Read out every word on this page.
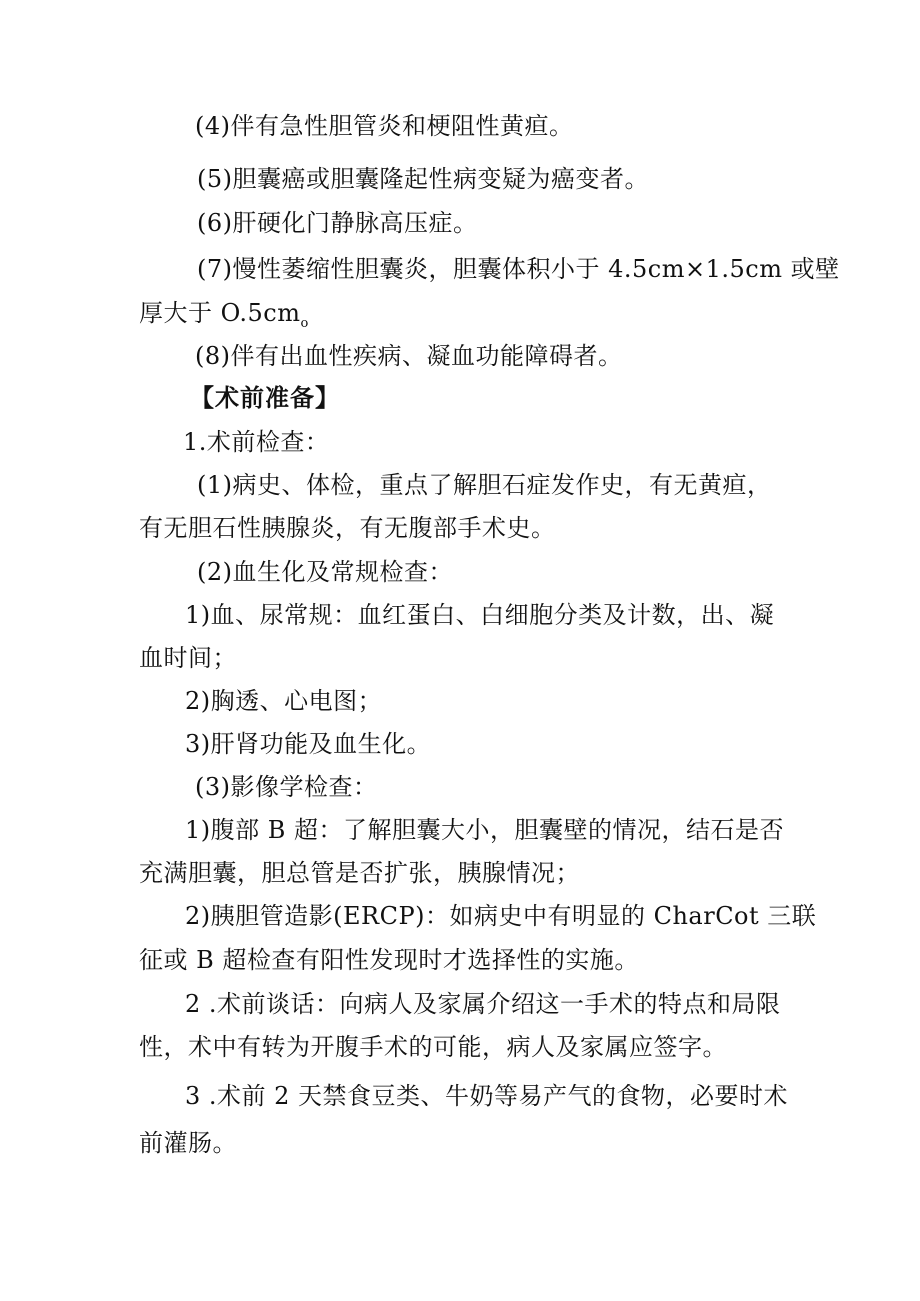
(4)伴有急性胆管炎和梗阻性黄疸。

(5)胆囊癌或胆囊隆起性病变疑为癌变者。

(6)肝硬化门静脉高压症。

(7)慢性萎缩性胆囊炎，胆囊体积小于 4.5cm×1.5cm 或壁

厚大于 $O.5cm_o$

(8)伴有出血性疾病、凝血功能障碍者。

【术前准备】

1.术前检查：

(1)病史、体检，重点了解胆石症发作史，有无黄疸，

有无胆石性胰腺炎，有无腹部手术史。

(2)血生化及常规检查：

1)血、尿常规：血红蛋白、白细胞分类及计数，出、凝

血时间；

2)胸透、心电图；

3)肝肾功能及血生化。

(3)影像学检查：

1)腹部 B 超：了解胆囊大小，胆囊壁的情况，结石是否

充满胆囊，胆总管是否扩张，胰腺情况；

2)胰胆管造影(ERCP)：如病史中有明显的 CharCot 三联

征或 B 超检查有阳性发现时才选择性的实施。

2 .术前谈话：向病人及家属介绍这一手术的特点和局限

性，术中有转为开腹手术的可能，病人及家属应签字。

3 .术前 2 天禁食豆类、牛奶等易产气的食物，必要时术

前灌肠。
